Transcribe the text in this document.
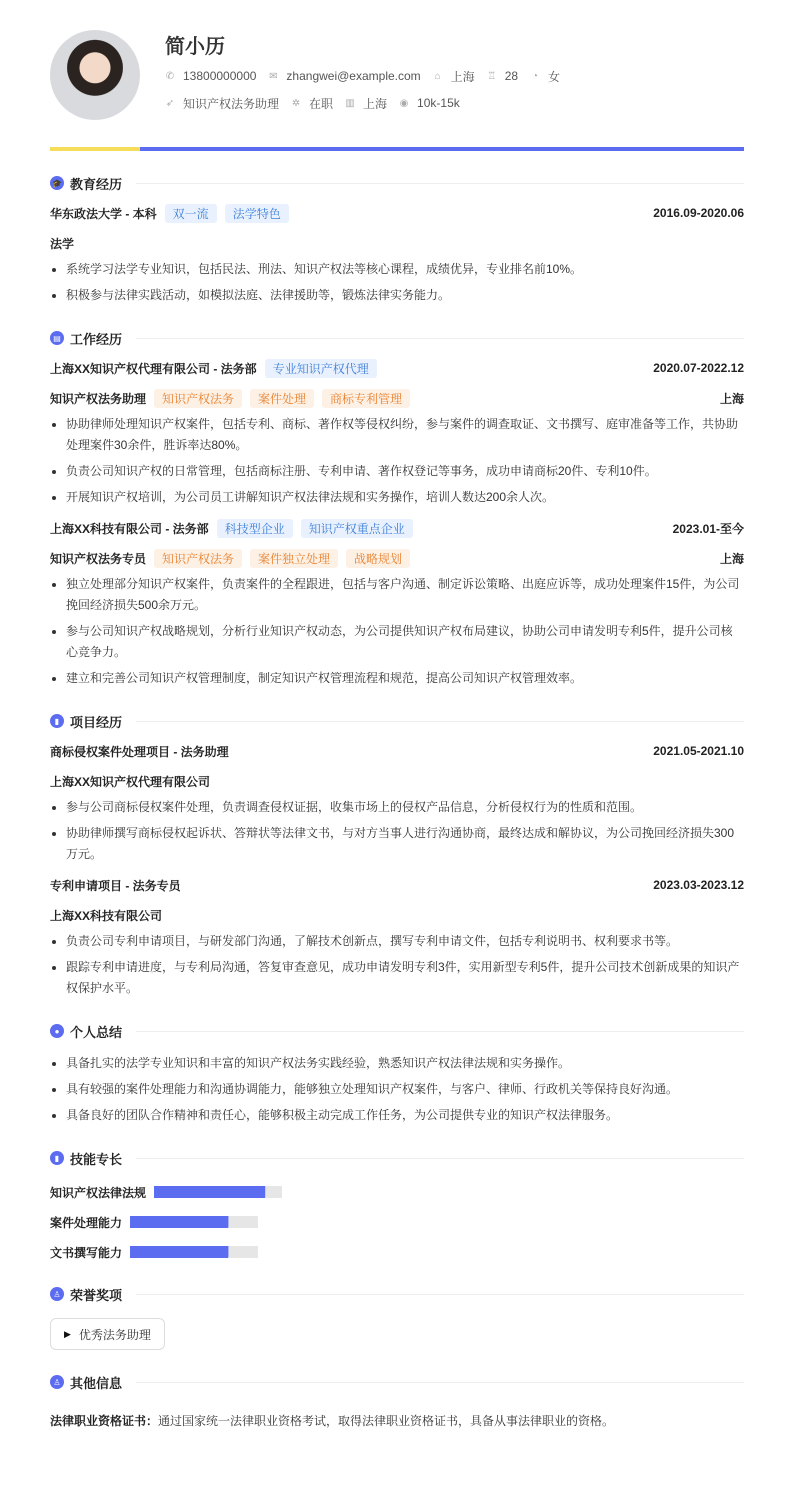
简小历
✆ 13800000000 ✉ zhangwei@example.com ⌂ 上海 ♖ 28 ◔ 女
➶ 知识产权法务助理 ✲ 在职 ▥ 上海 ◉ 10k-15k
🎓 教育经历
华东政法大学 - 本科	双一流	法学特色	2016.09-2020.06
法学
系统学习法学专业知识，包括民法、刑法、知识产权法等核心课程，成绩优异，专业排名前10%。
积极参与法律实践活动，如模拟法庭、法律援助等，锻炼法律实务能力。
▤ 工作经历
上海XX知识产权代理有限公司 - 法务部	专业知识产权代理	2020.07-2022.12
知识产权法务助理	知识产权法务	案件处理	商标专利管理	上海
协助律师处理知识产权案件，包括专利、商标、著作权等侵权纠纷，参与案件的调查取证、文书撰写、庭审准备等工作，共协助处理案件30余件，胜诉率达80%。
负责公司知识产权的日常管理，包括商标注册、专利申请、著作权登记等事务，成功申请商标20件、专利10件。
开展知识产权培训，为公司员工讲解知识产权法律法规和实务操作，培训人数达200余人次。
上海XX科技有限公司 - 法务部	科技型企业	知识产权重点企业	2023.01-至今
知识产权法务专员	知识产权法务	案件独立处理	战略规划	上海
独立处理部分知识产权案件，负责案件的全程跟进，包括与客户沟通、制定诉讼策略、出庭应诉等，成功处理案件15件，为公司挽回经济损失500余万元。
参与公司知识产权战略规划，分析行业知识产权动态，为公司提供知识产权布局建议，协助公司申请发明专利5件，提升公司核心竞争力。
建立和完善公司知识产权管理制度，制定知识产权管理流程和规范，提高公司知识产权管理效率。
▮ 项目经历
商标侵权案件处理项目 - 法务助理	2021.05-2021.10
上海XX知识产权代理有限公司
参与公司商标侵权案件处理，负责调查侵权证据，收集市场上的侵权产品信息，分析侵权行为的性质和范围。
协助律师撰写商标侵权起诉状、答辩状等法律文书，与对方当事人进行沟通协商，最终达成和解协议，为公司挽回经济损失300万元。
专利申请项目 - 法务专员	2023.03-2023.12
上海XX科技有限公司
负责公司专利申请项目，与研发部门沟通，了解技术创新点，撰写专利申请文件，包括专利说明书、权利要求书等。
跟踪专利申请进度，与专利局沟通，答复审查意见，成功申请发明专利3件，实用新型专利5件，提升公司技术创新成果的知识产权保护水平。
● 个人总结
具备扎实的法学专业知识和丰富的知识产权法务实践经验，熟悉知识产权法律法规和实务操作。
具有较强的案件处理能力和沟通协调能力，能够独立处理知识产权案件，与客户、律师、行政机关等保持良好沟通。
具备良好的团队合作精神和责任心，能够积极主动完成工作任务，为公司提供专业的知识产权法律服务。
▮ 技能专长
知识产权法律法规
案件处理能力
文书撰写能力
♙ 荣誉奖项
▶ 优秀法务助理
♙ 其他信息
法律职业资格证书：通过国家统一法律职业资格考试，取得法律职业资格证书，具备从事法律职业的资格。
